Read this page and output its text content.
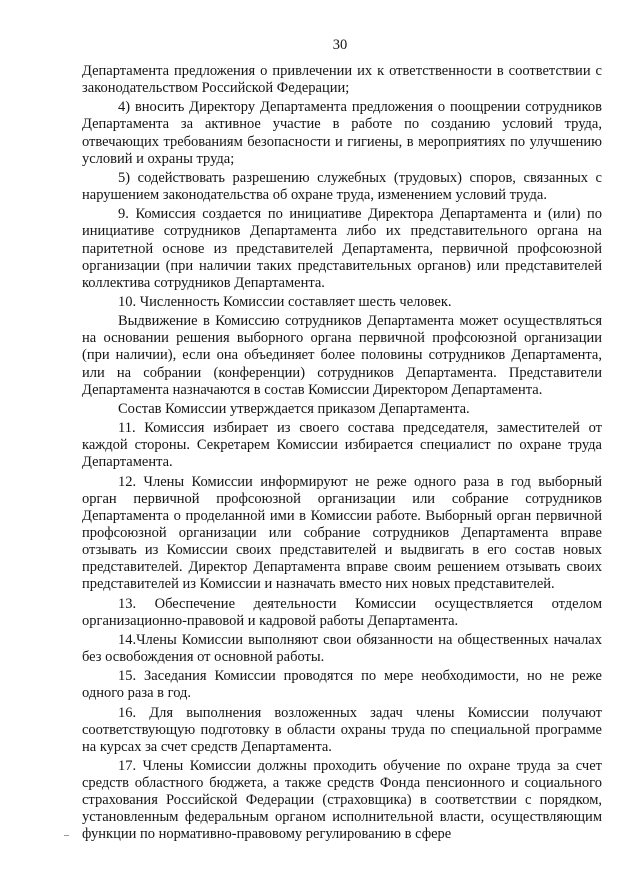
30

Департамента предложения о привлечении их к ответственности в соответствии с законодательством Российской Федерации;

4) вносить Директору Департамента предложения о поощрении сотрудников Департамента за активное участие в работе по созданию условий труда, отвечающих требованиям безопасности и гигиены, в мероприятиях по улучшению условий и охраны труда;

5) содействовать разрешению служебных (трудовых) споров, связанных с нарушением законодательства об охране труда, изменением условий труда.

9. Комиссия создается по инициативе Директора Департамента и (или) по инициативе сотрудников Департамента либо их представительного органа на паритетной основе из представителей Департамента, первичной профсоюзной организации (при наличии таких представительных органов) или представителей коллектива сотрудников Департамента.

10. Численность Комиссии составляет шесть человек.

Выдвижение в Комиссию сотрудников Департамента может осуществляться на основании решения выборного органа первичной профсоюзной организации (при наличии), если она объединяет более половины сотрудников Департамента, или на собрании (конференции) сотрудников Департамента. Представители Департамента назначаются в состав Комиссии Директором Департамента.

Состав Комиссии утверждается приказом Департамента.

11. Комиссия избирает из своего состава председателя, заместителей от каждой стороны. Секретарем Комиссии избирается специалист по охране труда Департамента.

12. Члены Комиссии информируют не реже одного раза в год выборный орган первичной профсоюзной организации или собрание сотрудников Департамента о проделанной ими в Комиссии работе. Выборный орган первичной профсоюзной организации или собрание сотрудников Департамента вправе отзывать из Комиссии своих представителей и выдвигать в его состав новых представителей. Директор Департамента вправе своим решением отзывать своих представителей из Комиссии и назначать вместо них новых представителей.

13. Обеспечение деятельности Комиссии осуществляется отделом организационно-правовой и кадровой работы Департамента.

14.Члены Комиссии выполняют свои обязанности на общественных началах без освобождения от основной работы.

15. Заседания Комиссии проводятся по мере необходимости, но не реже одного раза в год.

16. Для выполнения возложенных задач члены Комиссии получают соответствующую подготовку в области охраны труда по специальной программе на курсах за счет средств Департамента.

17. Члены Комиссии должны проходить обучение по охране труда за счет средств областного бюджета, а также средств Фонда пенсионного и социального страхования Российской Федерации (страховщика) в соответствии с порядком, установленным федеральным органом исполнительной власти, осуществляющим функции по нормативно-правовому регулированию в сфере
